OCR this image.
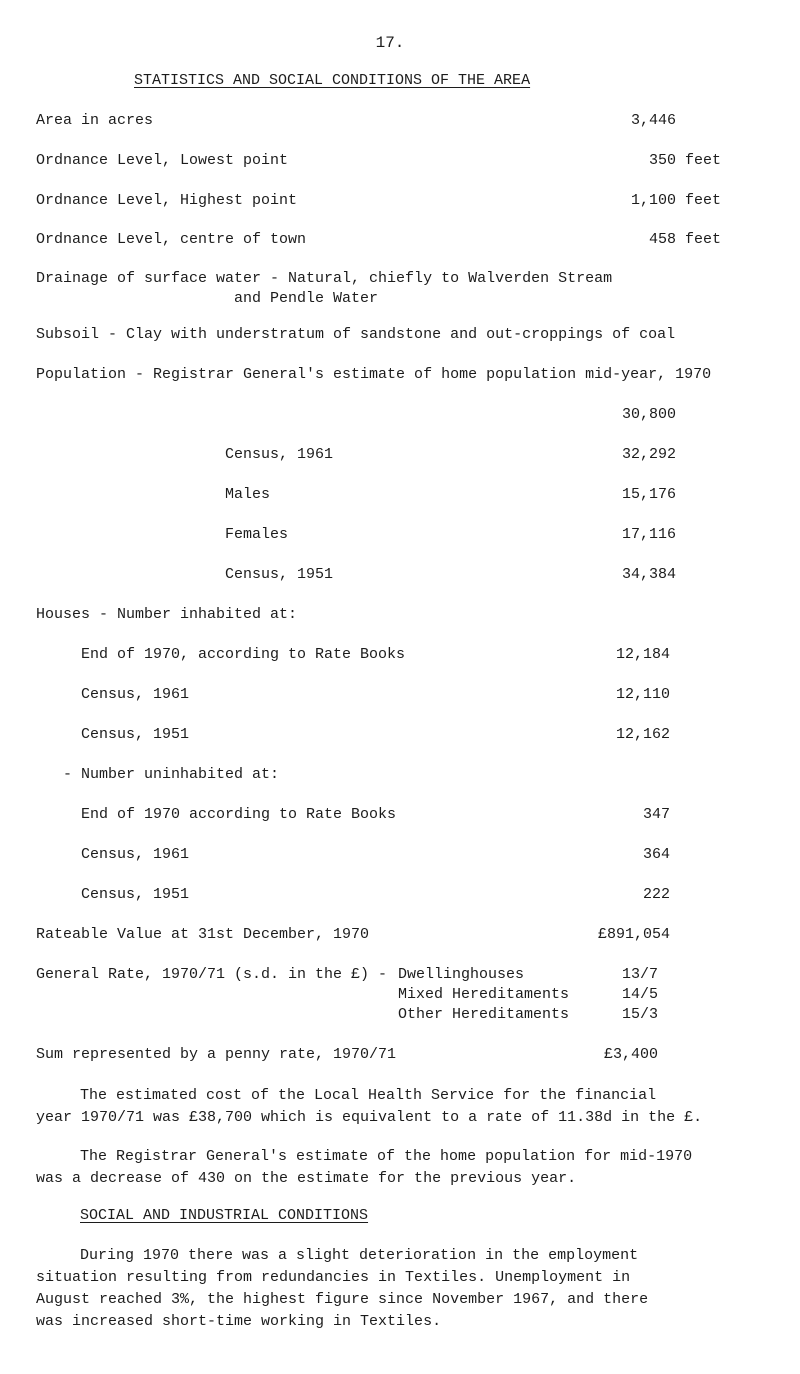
17.
STATISTICS AND SOCIAL CONDITIONS OF THE AREA
Area in acres	3,446
Ordnance Level, Lowest point	350 feet
Ordnance Level, Highest point	1,100 feet
Ordnance Level, centre of town	458 feet
Drainage of surface water - Natural, chiefly to Walverden Stream
and Pendle Water
Subsoil - Clay with understratum of sandstone and out-croppings of coal
Population - Registrar General's estimate of home population mid-year, 1970
30,800
Census, 1961	32,292
Males	15,176
Females	17,116
Census, 1951	34,384
Houses - Number inhabited at:
End of 1970, according to Rate Books	12,184
Census, 1961	12,110
Census, 1951	12,162
- Number uninhabited at:
End of 1970 according to Rate Books	347
Census, 1961	364
Census, 1951	222
Rateable Value at 31st December, 1970	£891,054
General Rate, 1970/71 (s.d. in the £) - Dwellinghouses	13/7
Mixed Hereditaments	14/5
Other Hereditaments	15/3
Sum represented by a penny rate, 1970/71	£3,400
The estimated cost of the Local Health Service for the financial
year 1970/71 was £38,700 which is equivalent to a rate of 11.38d in the £.
The Registrar General's estimate of the home population for mid-1970
was a decrease of 430 on the estimate for the previous year.
SOCIAL AND INDUSTRIAL CONDITIONS
During 1970 there was a slight deterioration in the employment
situation resulting from redundancies in Textiles. Unemployment in
August reached 3%, the highest figure since November 1967, and there
was increased short-time working in Textiles.
